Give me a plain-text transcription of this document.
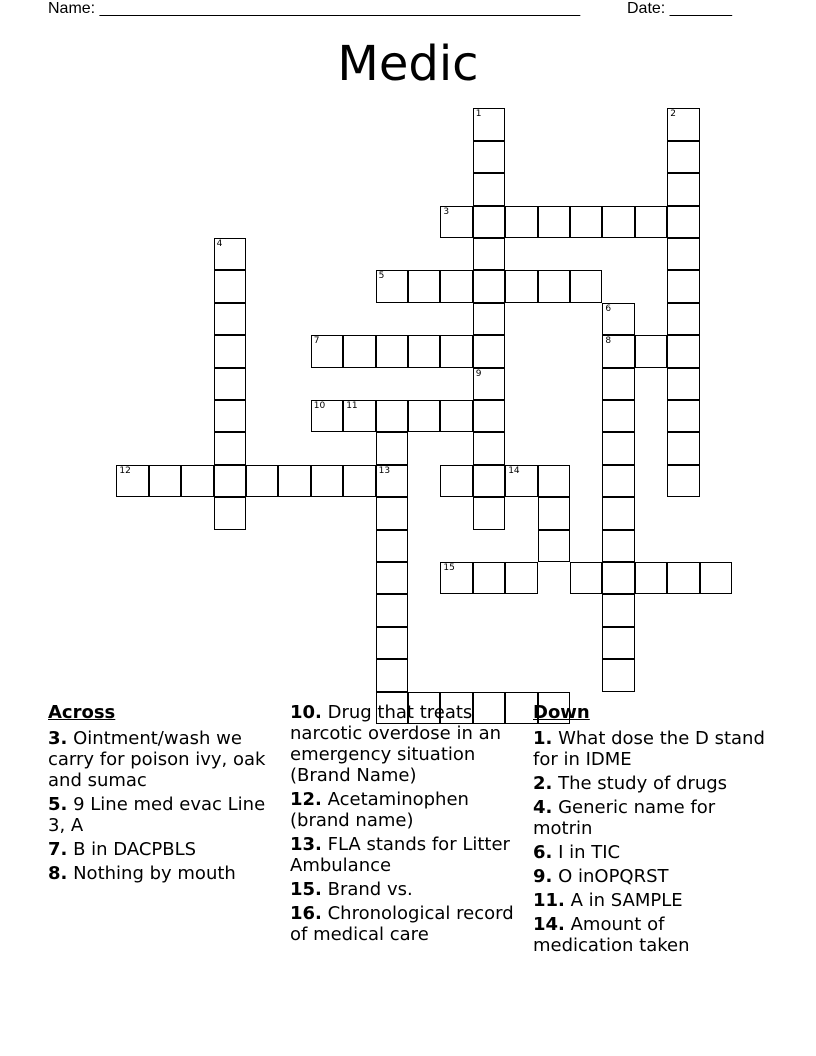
Name: ______________________________________________________	Date: _______
Medic
1
9
2
3
4
5
6
8
7
10 11
13
12	14
15
Across
3. Ointment/wash we carry for poison ivy, oak and sumac
5. 9 Line med evac Line 3, A
7. B in DACPBLS
8. Nothing by mouth
10. Drug that treats narcotic overdose in an emergency situation (Brand Name)
12. Acetaminophen (brand name)
13. FLA stands for Litter Ambulance
15. Brand vs.
16. Chronological record of medical care
Down
1. What dose the D stand for in IDME
2. The study of drugs
4. Generic name for motrin
6. I in TIC
9. O inOPQRST
11. A in SAMPLE
14. Amount of medication taken
